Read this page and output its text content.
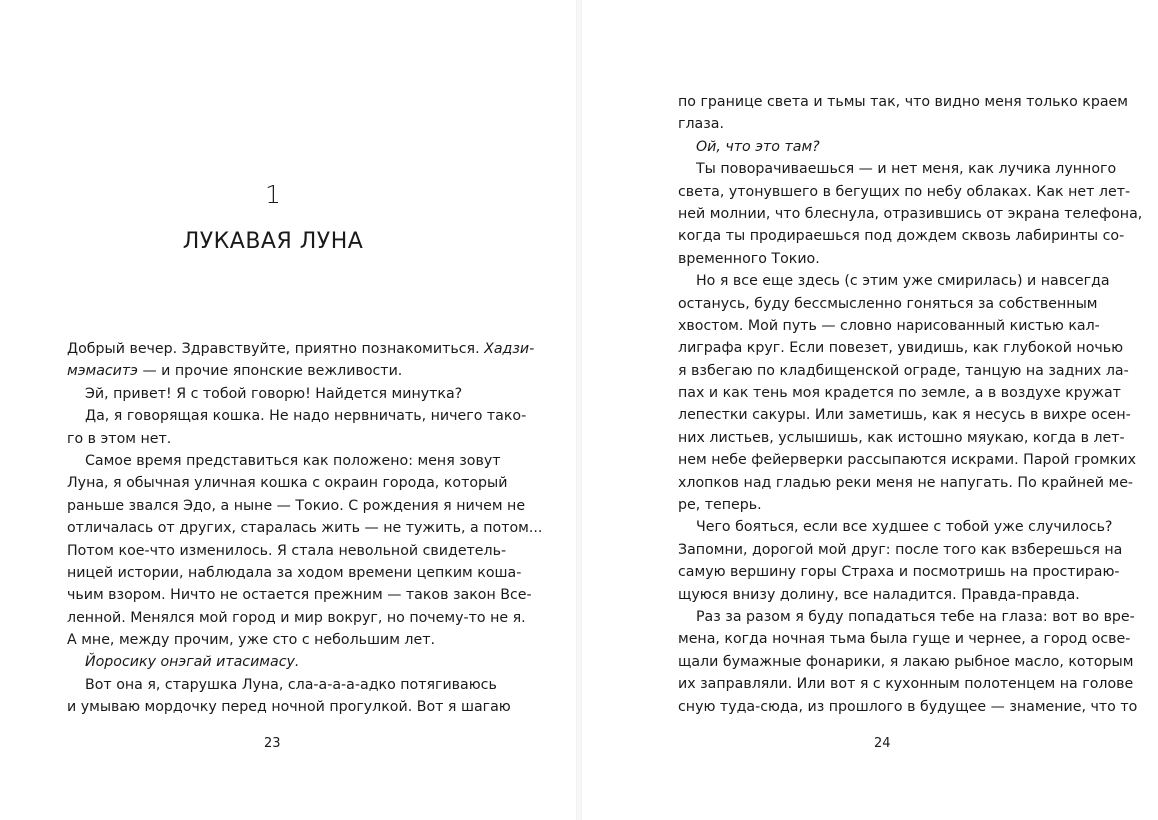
1
ЛУКАВАЯ ЛУНА
Добрый вечер. Здравствуйте, приятно познакомиться. Хадзи-
мэмаситэ — и прочие японские вежливости.
Эй, привет! Я с тобой говорю! Найдется минутка?
Да, я говорящая кошка. Не надо нервничать, ничего тако-
го в этом нет.
Самое время представиться как положено: меня зовут
Луна, я обычная уличная кошка с окраин города, который
раньше звался Эдо, а ныне — Токио. С рождения я ничем не
отличалась от других, старалась жить — не тужить, а потом...
Потом кое-что изменилось. Я стала невольной свидетель-
ницей истории, наблюдала за ходом времени цепким коша-
чьим взором. Ничто не остается прежним — таков закон Все-
ленной. Менялся мой город и мир вокруг, но почему-то не я.
А мне, между прочим, уже сто с небольшим лет.
Йоросику онэгай итасимасу.
Вот она я, старушка Луна, сла-а-а-а-адко потягиваюсь
и умываю мордочку перед ночной прогулкой. Вот я шагаю
23
по границе света и тьмы так, что видно меня только краем
глаза.
Ой, что это там?
Ты поворачиваешься — и нет меня, как лучика лунного
света, утонувшего в бегущих по небу облаках. Как нет лет-
ней молнии, что блеснула, отразившись от экрана телефона,
когда ты продираешься под дождем сквозь лабиринты со-
временного Токио.
Но я все еще здесь (с этим уже смирилась) и навсегда
останусь, буду бессмысленно гоняться за собственным
хвостом. Мой путь — словно нарисованный кистью кал-
лиграфа круг. Если повезет, увидишь, как глубокой ночью
я взбегаю по кладбищенской ограде, танцую на задних ла-
пах и как тень моя крадется по земле, а в воздухе кружат
лепестки сакуры. Или заметишь, как я несусь в вихре осен-
них листьев, услышишь, как истошно мяукаю, когда в лет-
нем небе фейерверки рассыпаются искрами. Парой громких
хлопков над гладью реки меня не напугать. По крайней ме-
ре, теперь.
Чего бояться, если все худшее с тобой уже случилось?
Запомни, дорогой мой друг: после того как взберешься на
самую вершину горы Страха и посмотришь на простираю-
щуюся внизу долину, все наладится. Правда-правда.
Раз за разом я буду попадаться тебе на глаза: вот во вре-
мена, когда ночная тьма была гуще и чернее, а город осве-
щали бумажные фонарики, я лакаю рыбное масло, которым
их заправляли. Или вот я с кухонным полотенцем на голове
сную туда-сюда, из прошлого в будущее — знамение, что то
24
